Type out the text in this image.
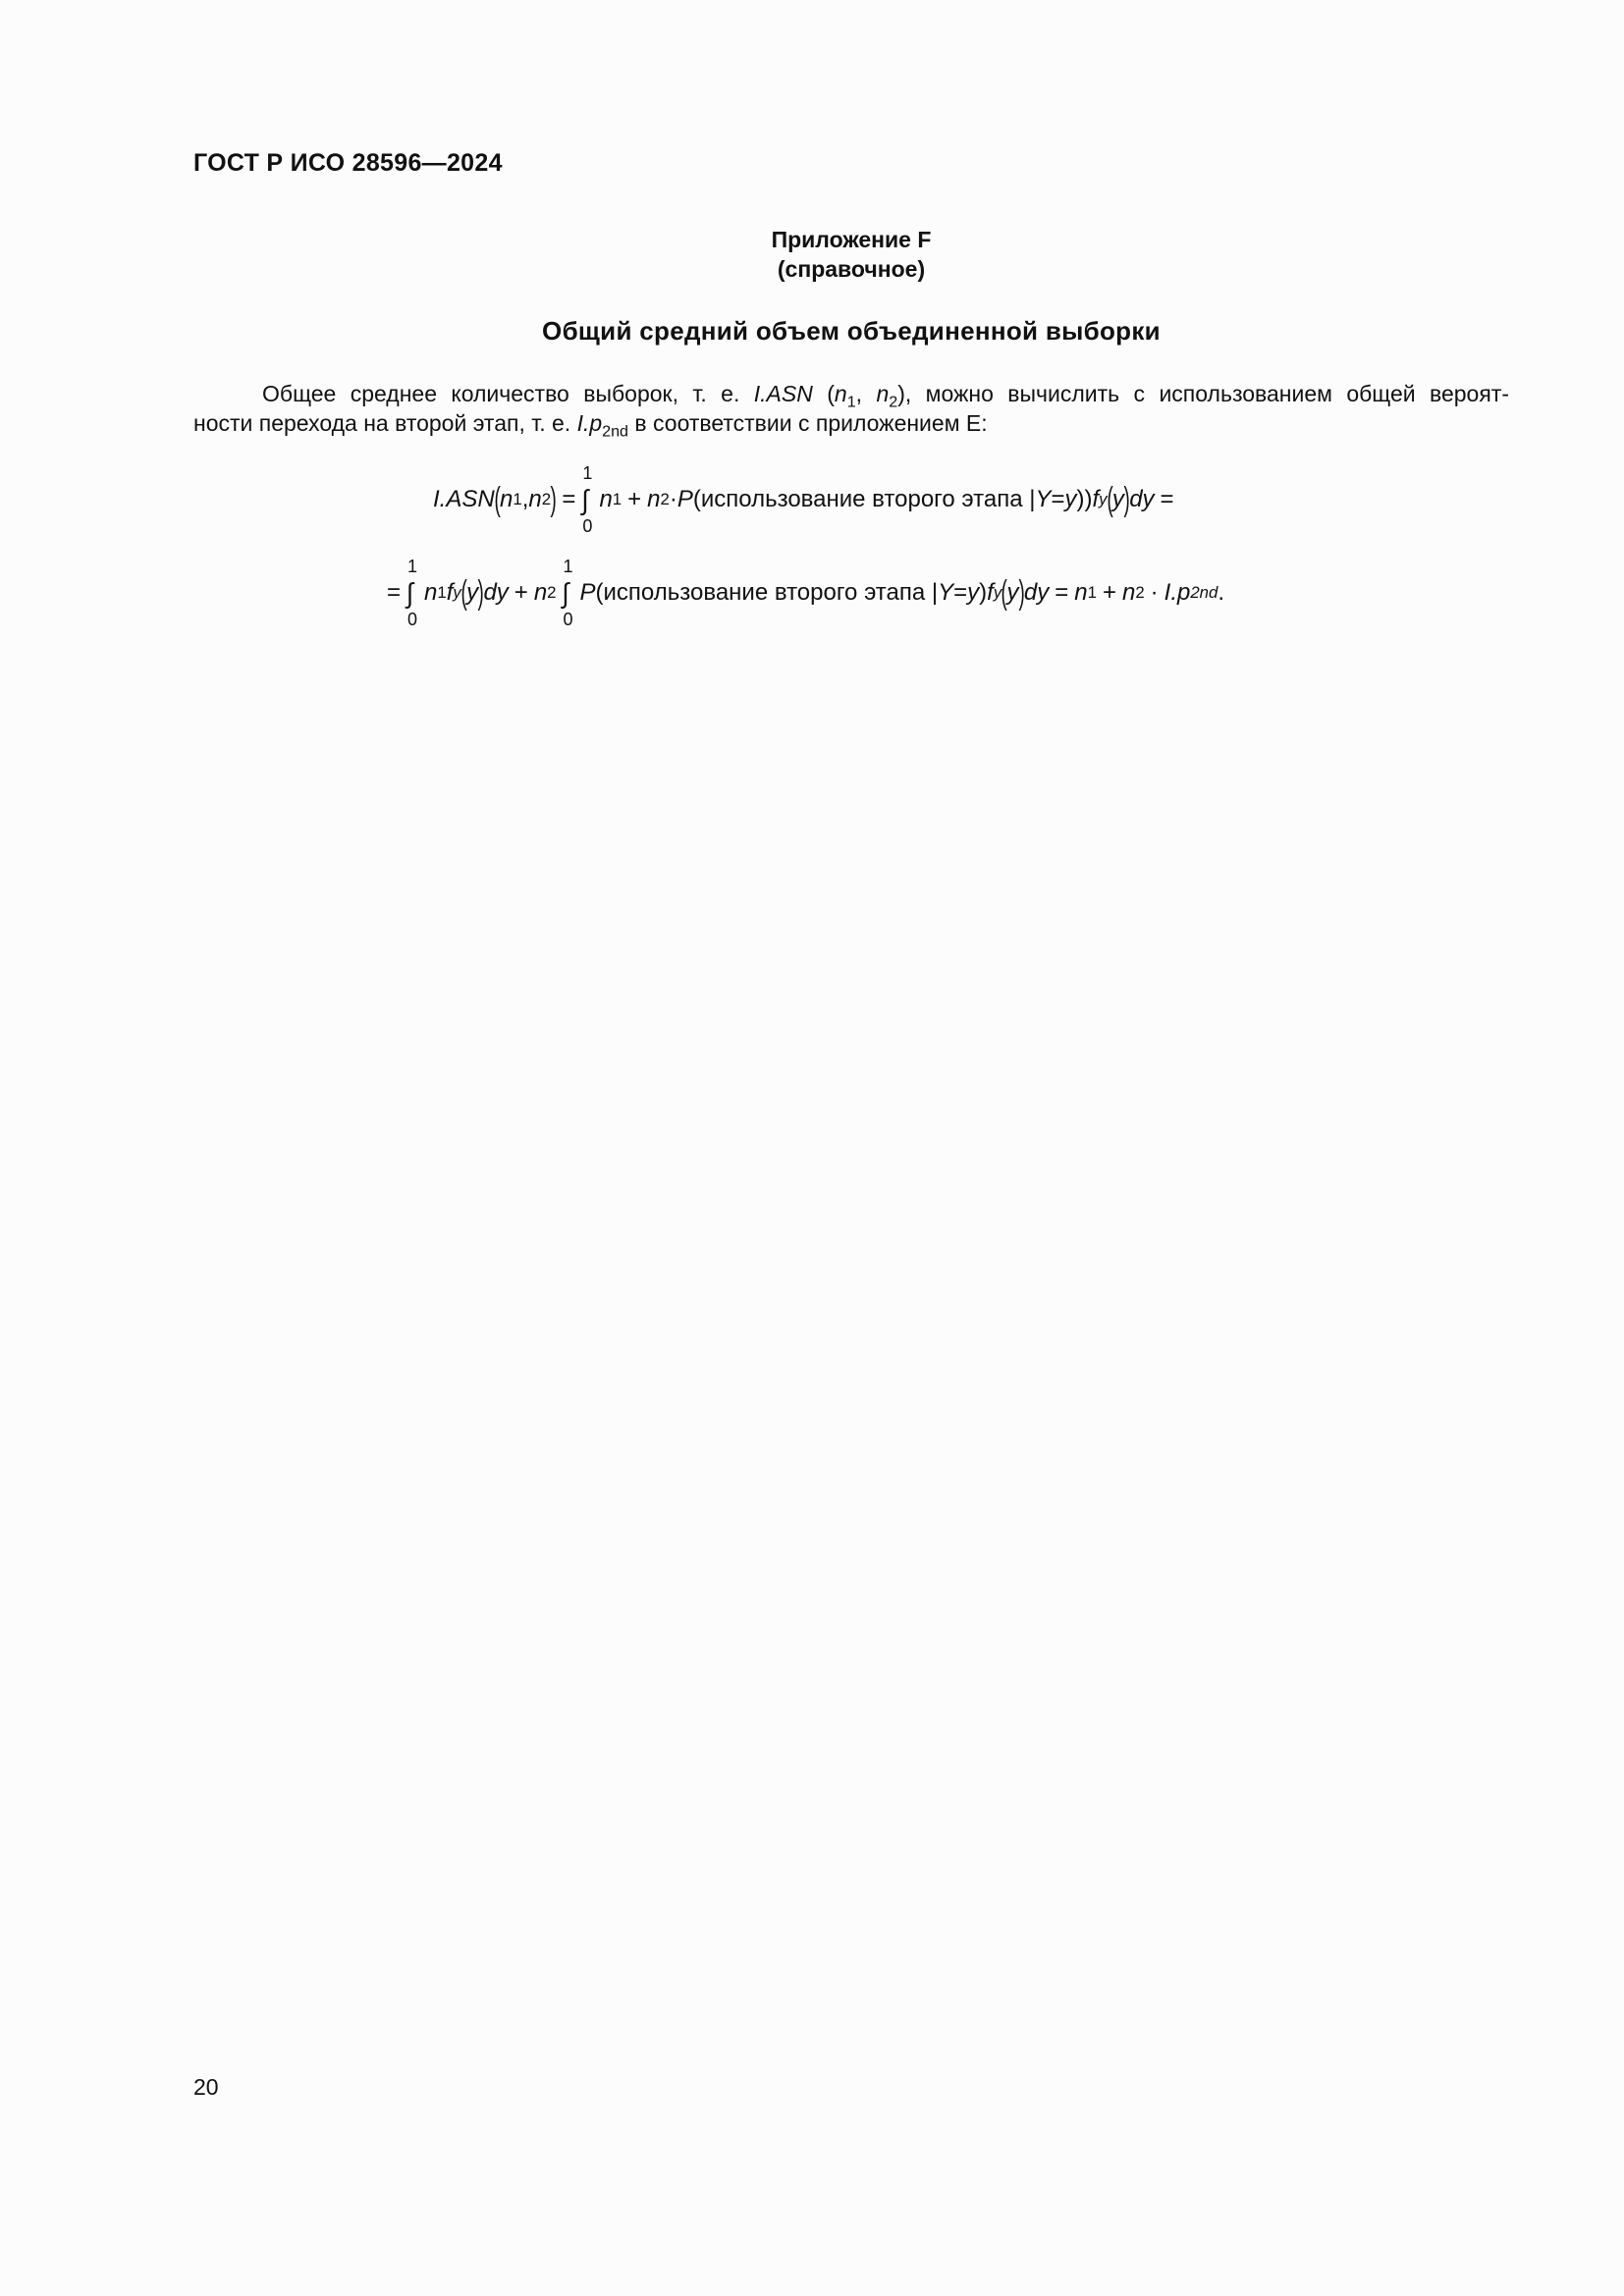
ГОСТ Р ИСО 28596—2024
Приложение F
(справочное)
Общий средний объем объединенной выборки
Общее среднее количество выборок, т. е. I.ASN ($n_1$, $n_2$), можно вычислить с использованием общей вероят-
ности перехода на второй этап, т. е. $I.p_{2nd}$ в соответствии с приложением E:
I.ASN ( n 1 , n 2 ) =
1
∫
0
n 1 + n 2 · P (использование второго этапа | Y = y )) f y ( y ) dy =
=
1
∫
0
n 1 f y ( y ) dy + n 2
1
∫
0
P (использование второго этапа | Y = y ) f y ( y ) dy = n 1 + n 2 · I.p 2nd .
20
